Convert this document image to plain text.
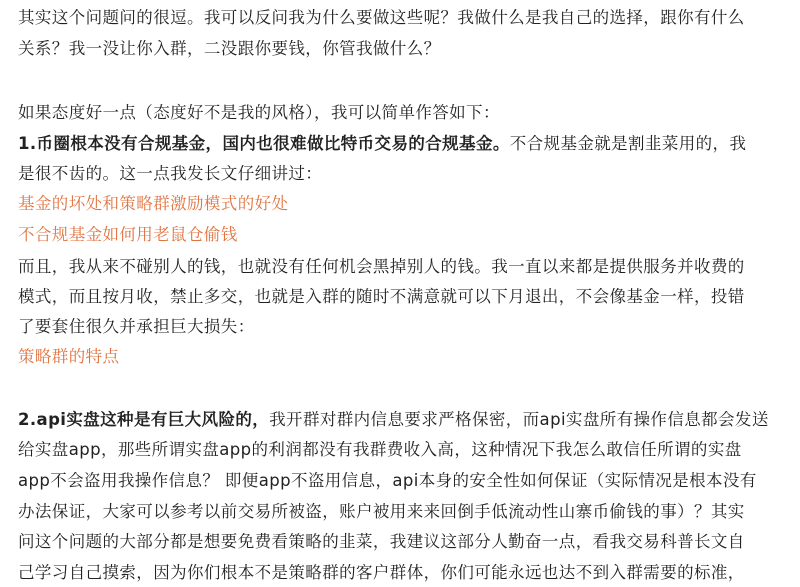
其实这个问题问的很逗。我可以反问我为什么要做这些呢？我做什么是我自己的选择，跟你有什么
关系？我一没让你入群，二没跟你要钱，你管我做什么？
如果态度好一点（态度好不是我的风格），我可以简单作答如下：
1.币圈根本没有合规基金，国内也很难做比特币交易的合规基金。不合规基金就是割韭菜用的，我
是很不齿的。这一点我发长文仔细讲过：
基金的坏处和策略群激励模式的好处
不合规基金如何用老鼠仓偷钱
而且，我从来不碰别人的钱，也就没有任何机会黑掉别人的钱。我一直以来都是提供服务并收费的
模式，而且按月收，禁止多交，也就是入群的随时不满意就可以下月退出，不会像基金一样，投错
了要套住很久并承担巨大损失：
策略群的特点
2.api实盘这种是有巨大风险的，我开群对群内信息要求严格保密，而api实盘所有操作信息都会发送
给实盘app，那些所谓实盘app的利润都没有我群费收入高，这种情况下我怎么敢信任所谓的实盘
app不会盗用我操作信息？ 即便app不盗用信息，api本身的安全性如何保证（实际情况是根本没有
办法保证，大家可以参考以前交易所被盗，账户被用来来回倒手低流动性山寨币偷钱的事）？其实
问这个问题的大部分都是想要免费看策略的韭菜，我建议这部分人勤奋一点，看我交易科普长文自
己学习自己摸索，因为你们根本不是策略群的客户群体，你们可能永远也达不到入群需要的标准，
